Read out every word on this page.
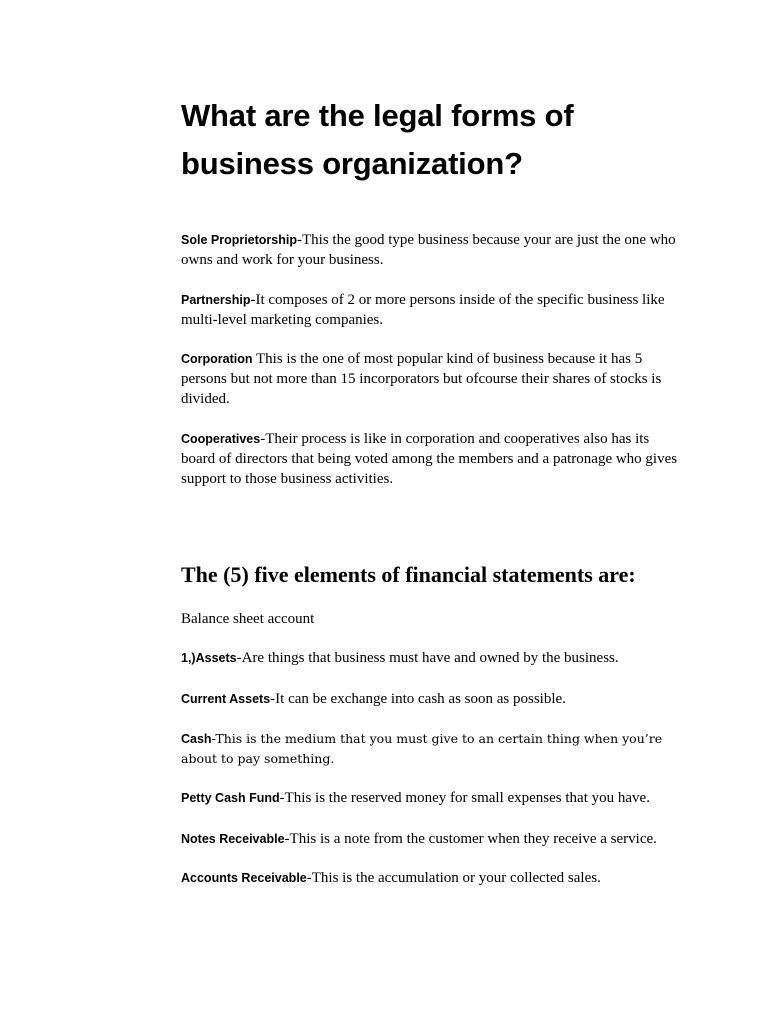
What are the legal forms of business organization?

Sole Proprietorship-This the good type business because your are just the one who owns and work for your business.

Partnership-It composes of 2 or more persons inside of the specific business like multi-level marketing companies.

Corporation This is the one of most popular kind of business because it has 5 persons but not more than 15 incorporators but ofcourse their shares of stocks is divided.

Cooperatives-Their process is like in corporation and cooperatives also has its board of directors that being voted among the members and a patronage who gives support to those business activities.

The (5) five elements of financial statements are:

Balance sheet account

1,)Assets-Are things that business must have and owned by the business.

Current Assets-It can be exchange into cash as soon as possible.

Cash-This is the medium that you must give to an certain thing when you’re about to pay something.

Petty Cash Fund-This is the reserved money for small expenses that you have.

Notes Receivable-This is a note from the customer when they receive a service.

Accounts Receivable-This is the accumulation or your collected sales.
